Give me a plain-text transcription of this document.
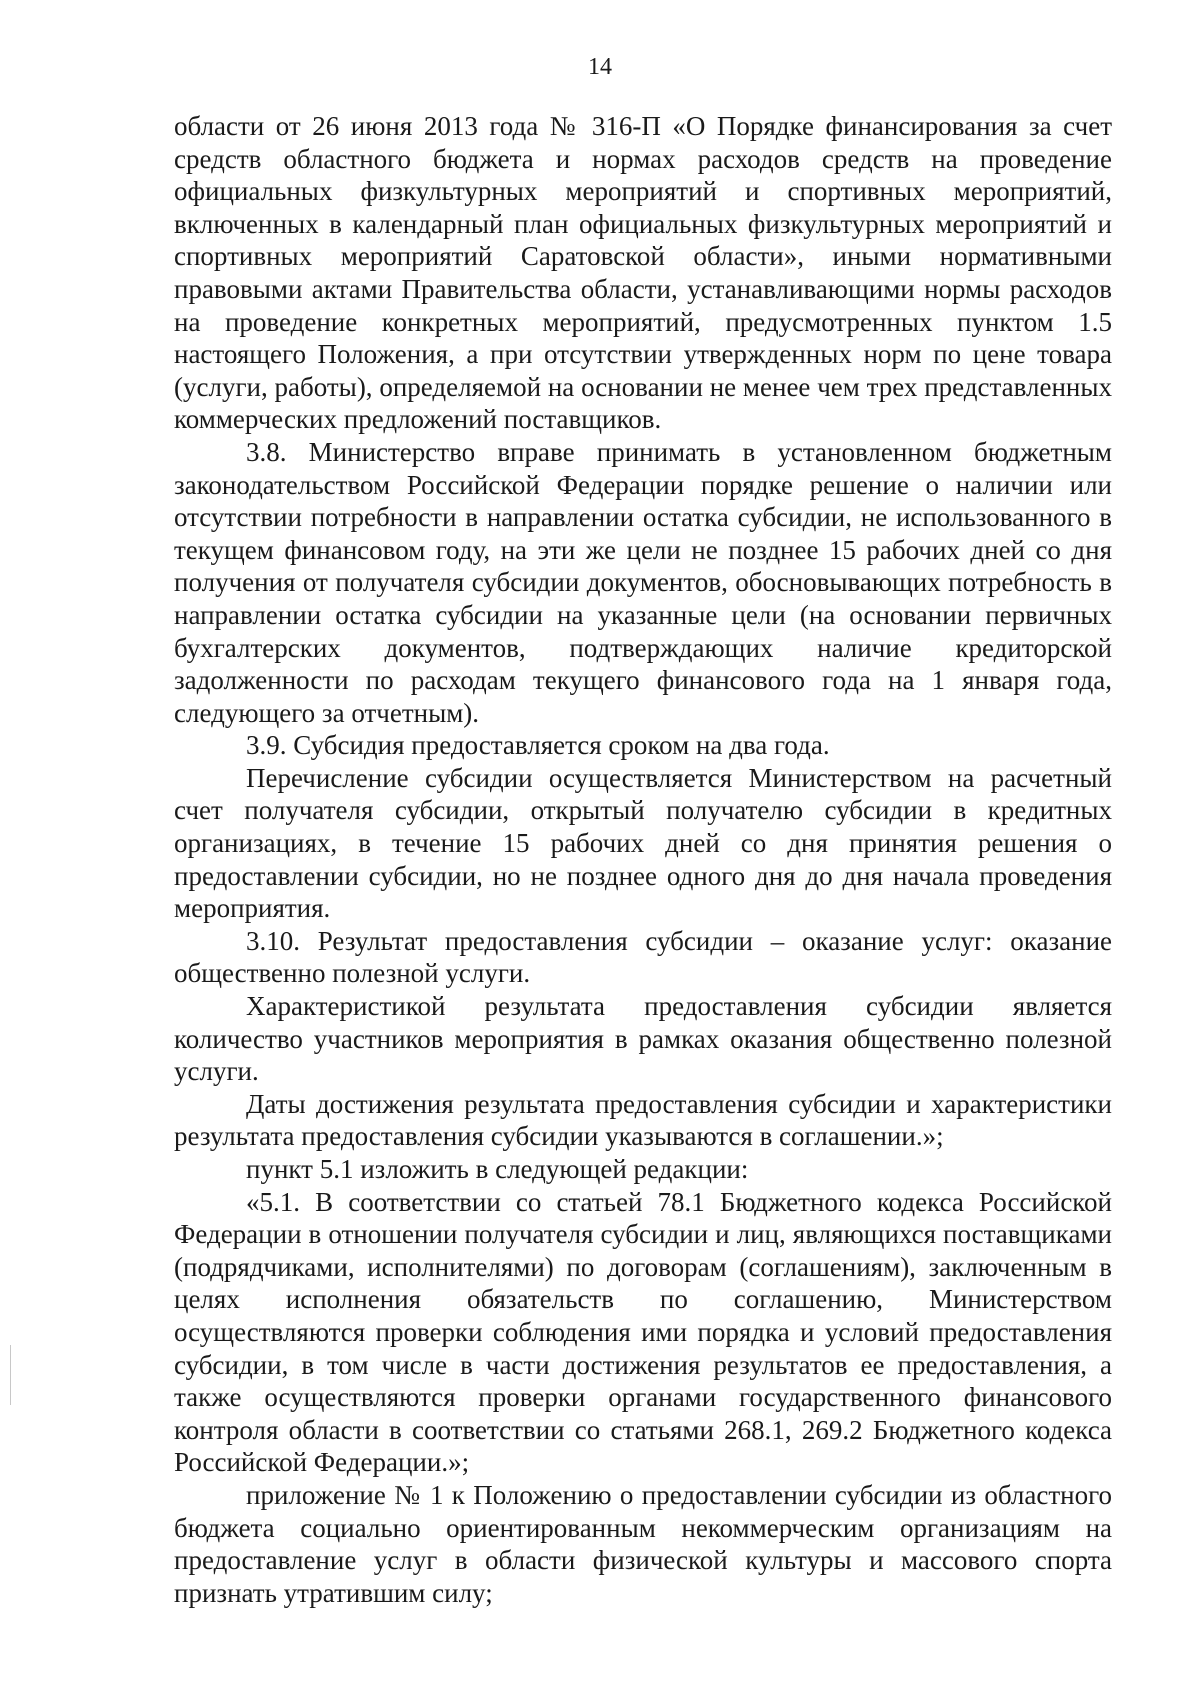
14

области от 26 июня 2013 года № 316-П «О Порядке финансирования за счет средств областного бюджета и нормах расходов средств на проведение официальных физкультурных мероприятий и спортивных мероприятий, включенных в календарный план официальных физкультурных мероприятий и спортивных мероприятий Саратовской области», иными нормативными правовыми актами Правительства области, устанавливающими нормы расходов на проведение конкретных мероприятий, предусмотренных пунктом 1.5 настоящего Положения, а при отсутствии утвержденных норм по цене товара (услуги, работы), определяемой на основании не менее чем трех представленных коммерческих предложений поставщиков.

3.8. Министерство вправе принимать в установленном бюджетным законодательством Российской Федерации порядке решение о наличии или отсутствии потребности в направлении остатка субсидии, не использованного в текущем финансовом году, на эти же цели не позднее 15 рабочих дней со дня получения от получателя субсидии документов, обосновывающих потребность в направлении остатка субсидии на указанные цели (на основании первичных бухгалтерских документов, подтверждающих наличие кредиторской задолженности по расходам текущего финансового года на 1 января года, следующего за отчетным).

3.9. Субсидия предоставляется сроком на два года.

Перечисление субсидии осуществляется Министерством на расчетный счет получателя субсидии, открытый получателю субсидии в кредитных организациях, в течение 15 рабочих дней со дня принятия решения о предоставлении субсидии, но не позднее одного дня до дня начала проведения мероприятия.

3.10. Результат предоставления субсидии – оказание услуг: оказание общественно полезной услуги.

Характеристикой результата предоставления субсидии является количество участников мероприятия в рамках оказания общественно полезной услуги.

Даты достижения результата предоставления субсидии и характеристики результата предоставления субсидии указываются в соглашении.»;

пункт 5.1 изложить в следующей редакции:

«5.1. В соответствии со статьей 78.1 Бюджетного кодекса Российской Федерации в отношении получателя субсидии и лиц, являющихся поставщиками (подрядчиками, исполнителями) по договорам (соглашениям), заключенным в целях исполнения обязательств по соглашению, Министерством осуществляются проверки соблюдения ими порядка и условий предоставления субсидии, в том числе в части достижения результатов ее предоставления, а также осуществляются проверки органами государственного финансового контроля области в соответствии со статьями 268.1, 269.2 Бюджетного кодекса Российской Федерации.»;

приложение № 1 к Положению о предоставлении субсидии из областного бюджета социально ориентированным некоммерческим организациям на предоставление услуг в области физической культуры и массового спорта признать утратившим силу;
